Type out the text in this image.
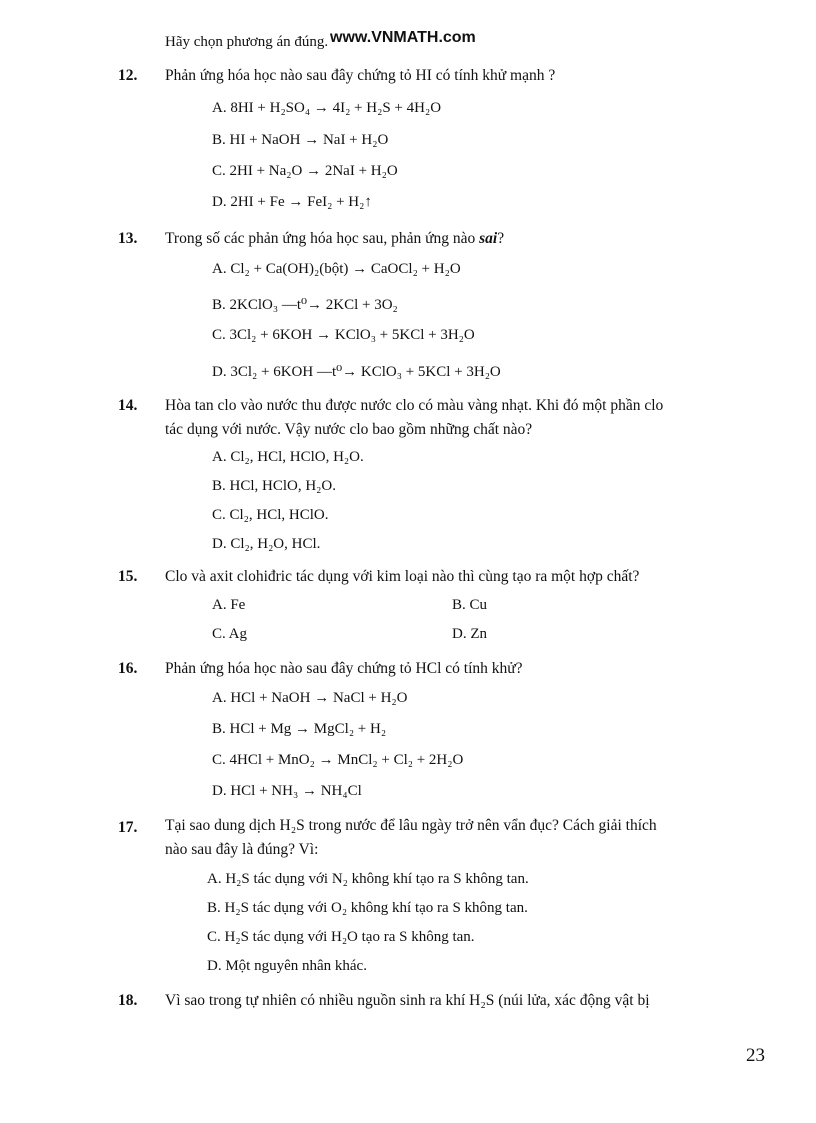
Hãy chọn phương án đúng. www.VNMATH.com
12. Phản ứng hóa học nào sau đây chứng tỏ HI có tính khử mạnh ?
A. 8HI + H₂SO₄ → 4I₂ + H₂S + 4H₂O
B. HI + NaOH → NaI + H₂O
C. 2HI + Na₂O → 2NaI + H₂O
D. 2HI + Fe → FeI₂ + H₂↑
13. Trong số các phản ứng hóa học sau, phản ứng nào sai?
A. Cl₂ + Ca(OH)₂(bột) → CaOCl₂ + H₂O
B. 2KClO₃ —t⁰→ 2KCl + 3O₂
C. 3Cl₂ + 6KOH → KClO₃ + 5KCl + 3H₂O
D. 3Cl₂ + 6KOH —t⁰→ KClO₃ + 5KCl + 3H₂O
14. Hòa tan clo vào nước thu được nước clo có màu vàng nhạt. Khi đó một phần clo
tác dụng với nước. Vậy nước clo bao gồm những chất nào?
A. Cl₂, HCl, HClO, H₂O.
B. HCl, HClO, H₂O.
C. Cl₂, HCl, HClO.
D. Cl₂, H₂O, HCl.
15. Clo và axit clohiđric tác dụng với kim loại nào thì cùng tạo ra một hợp chất?
A. Fe	B. Cu
C. Ag	D. Zn
16. Phản ứng hóa học nào sau đây chứng tỏ HCl có tính khử?
A. HCl + NaOH → NaCl + H₂O
B. HCl + Mg → MgCl₂ + H₂
C. 4HCl + MnO₂ → MnCl₂ + Cl₂ + 2H₂O
D. HCl + NH₃ → NH₄Cl
17. Tại sao dung dịch H₂S trong nước để lâu ngày trở nên vẩn đục? Cách giải thích
nào sau đây là đúng? Vì:
A. H₂S tác dụng với N₂ không khí tạo ra S không tan.
B. H₂S tác dụng với O₂ không khí tạo ra S không tan.
C. H₂S tác dụng với H₂O tạo ra S không tan.
D. Một nguyên nhân khác.
18. Vì sao trong tự nhiên có nhiều nguồn sinh ra khí H₂S (núi lửa, xác động vật bị
23
